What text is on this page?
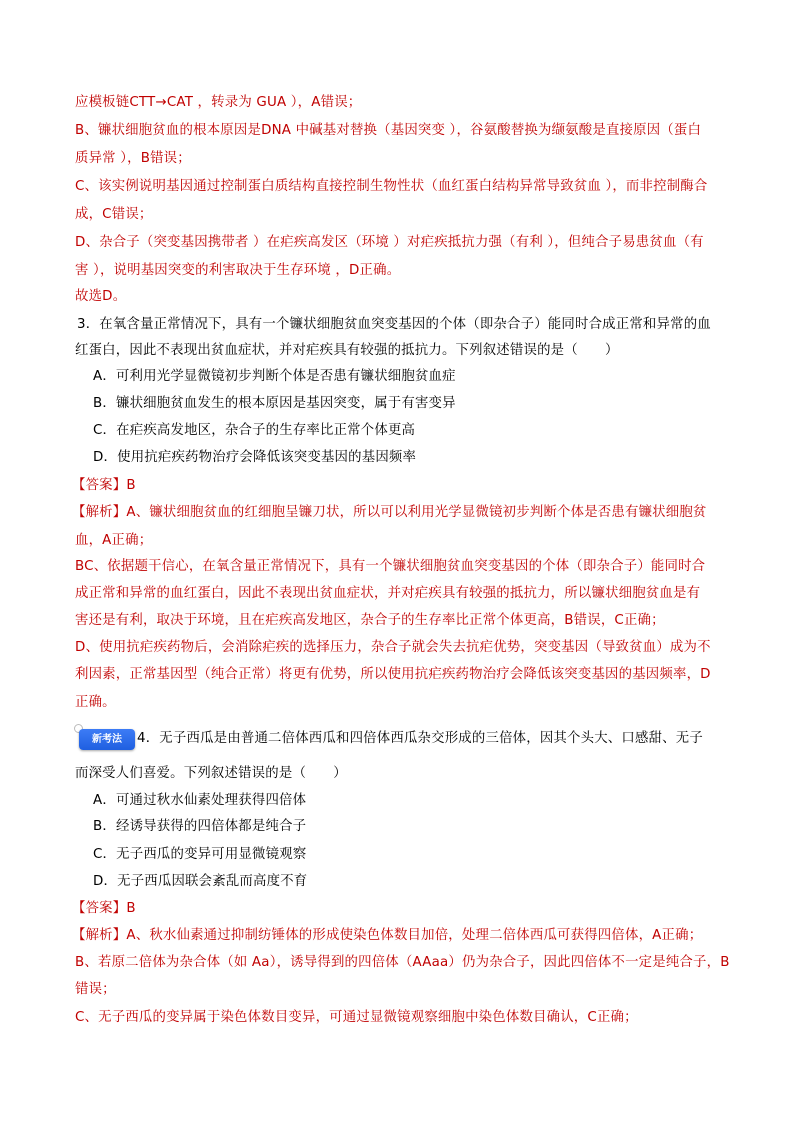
应模板链CTT→CAT ，转录为 GUA ），A错误；
B、镰状细胞贫血的根本原因是DNA 中碱基对替换（基因突变 ），谷氨酸替换为缬氨酸是直接原因（蛋白
质异常 ），B错误；
C、该实例说明基因通过控制蛋白质结构直接控制生物性状（血红蛋白结构异常导致贫血 ），而非控制酶合
成，C错误；
D、杂合子（突变基因携带者 ）在疟疾高发区（环境 ）对疟疾抵抗力强（有利 ），但纯合子易患贫血（有
害 ），说明基因突变的利害取决于生存环境 ，D正确。
故选D。
3．在氧含量正常情况下，具有一个镰状细胞贫血突变基因的个体（即杂合子）能同时合成正常和异常的血
红蛋白，因此不表现出贫血症状，并对疟疾具有较强的抵抗力。下列叙述错误的是（　　）
A．可利用光学显微镜初步判断个体是否患有镰状细胞贫血症
B．镰状细胞贫血发生的根本原因是基因突变，属于有害变异
C．在疟疾高发地区，杂合子的生存率比正常个体更高
D．使用抗疟疾药物治疗会降低该突变基因的基因频率
【答案】B
【解析】A、镰状细胞贫血的红细胞呈镰刀状，所以可以利用光学显微镜初步判断个体是否患有镰状细胞贫
血，A正确；
BC、依据题干信心，在氧含量正常情况下，具有一个镰状细胞贫血突变基因的个体（即杂合子）能同时合
成正常和异常的血红蛋白，因此不表现出贫血症状，并对疟疾具有较强的抵抗力，所以镰状细胞贫血是有
害还是有利，取决于环境，且在疟疾高发地区，杂合子的生存率比正常个体更高，B错误，C正确；
D、使用抗疟疾药物后，会消除疟疾的选择压力，杂合子就会失去抗疟优势，突变基因（导致贫血）成为不
利因素，正常基因型（纯合正常）将更有优势，所以使用抗疟疾药物治疗会降低该突变基因的基因频率，D
正确。
新考法	4．无子西瓜是由普通二倍体西瓜和四倍体西瓜杂交形成的三倍体，因其个头大、口感甜、无子
而深受人们喜爱。下列叙述错误的是（　　）
A．可通过秋水仙素处理获得四倍体
B．经诱导获得的四倍体都是纯合子
C．无子西瓜的变异可用显微镜观察
D．无子西瓜因联会紊乱而高度不育
【答案】B
【解析】A、秋水仙素通过抑制纺锤体的形成使染色体数目加倍，处理二倍体西瓜可获得四倍体，A正确；
B、若原二倍体为杂合体（如 Aa），诱导得到的四倍体（AAaa）仍为杂合子，因此四倍体不一定是纯合子，B
错误；
C、无子西瓜的变异属于染色体数目变异，可通过显微镜观察细胞中染色体数目确认，C正确；
